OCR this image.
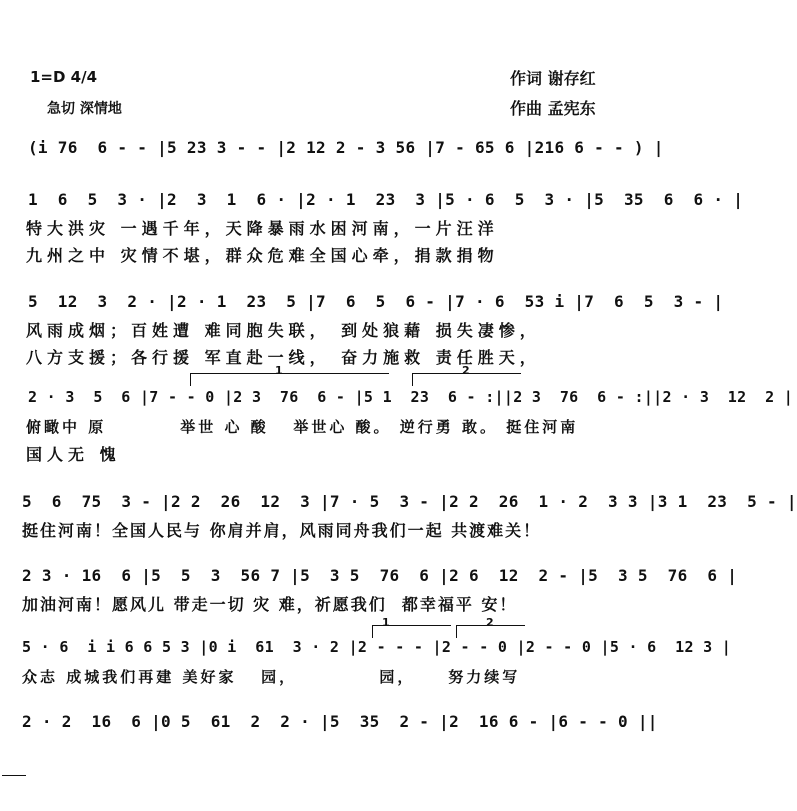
1=D 4/4
急切 深情地
作词 谢存红
作曲 孟宪东
(i 76  6 - - |5 23 3 - - |2 12 2 - 3 56 |7 - 65 6 |216 6 - - ) |
1  6  5  3 · |2  3  1  6 · |2 · 1  23  3 |5 · 6  5  3 · |5  35  6  6 · |
特大洪灾 一遇千年，天降暴雨水困河南，一片汪洋
九州之中 灾情不堪，群众危难全国心牵，捐款捐物
5  12  3  2 · |2 · 1  23  5 |7  6  5  6 - |7 · 6  53 i |7  6  5  3 - |
风雨成烟；百姓遭 难同胞失联， 到处狼藉 损失凄惨，
八方支援；各行援 军直赴一线， 奋力施救 责任胜天，
1	2
2 · 3  5  6 |7 - - 0 |2 3  76  6 - |5 1  23  6 - :||2 3  76  6 - :||2 · 3  12  2 |
俯瞰中 原         举世 心 酸   举世心 酸。 逆行勇 敢。 挺住河南
国人无 愧
5  6  75  3 - |2 2  26  12  3 |7 · 5  3 - |2 2  26  1 · 2  3 3 |3 1  23  5 - |
挺住河南！全国人民与 你肩并肩，风雨同舟我们一起 共渡难关！
2 3 · 16  6 |5  5  3  56 7 |5  3 5  76  6 |2 6  12  2 - |5  3 5  76  6 |
加油河南！愿风儿 带走一切 灾 难，祈愿我们  都幸福平 安！
1	2
5 · 6  i i 6 6 5 3 |0 i  61  3 · 2 |2 - - - |2 - - 0 |2 - - 0 |5 · 6  12 3 |
众志 成城我们再建 美好家   园，          园，    努力续写
2 · 2  16  6 |0 5  61  2  2 · |5  35  2 - |2  16 6 - |6 - - 0 ||
